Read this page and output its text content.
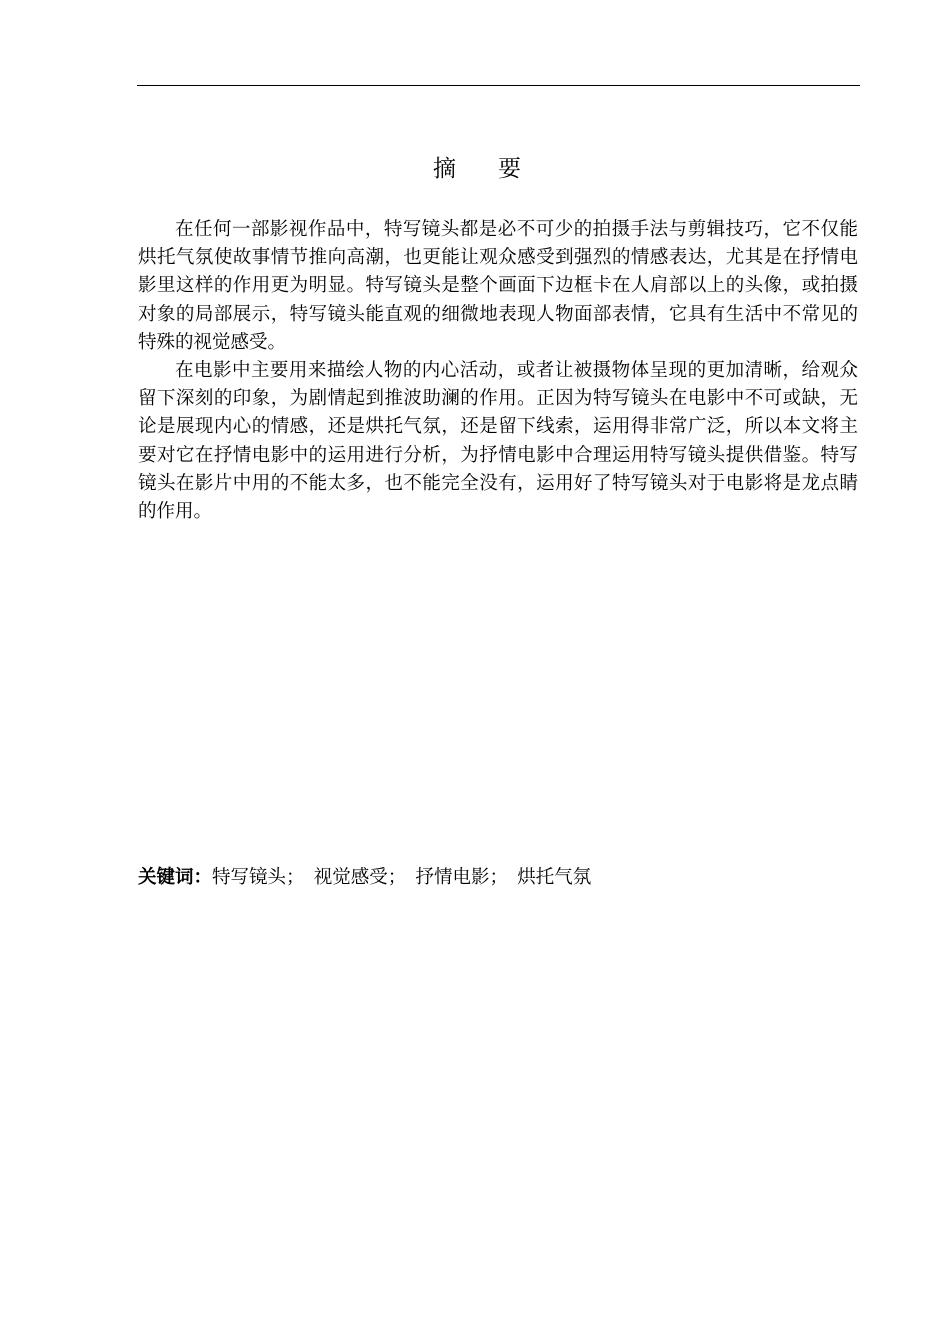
摘要

在任何一部影视作品中，特写镜头都是必不可少的拍摄手法与剪辑技巧，它不仅能烘托气氛使故事情节推向高潮，也更能让观众感受到强烈的情感表达，尤其是在抒情电影里这样的作用更为明显。特写镜头是整个画面下边框卡在人肩部以上的头像，或拍摄对象的局部展示，特写镜头能直观的细微地表现人物面部表情，它具有生活中不常见的特殊的视觉感受。

在电影中主要用来描绘人物的内心活动，或者让被摄物体呈现的更加清晰，给观众留下深刻的印象，为剧情起到推波助澜的作用。正因为特写镜头在电影中不可或缺，无论是展现内心的情感，还是烘托气氛，还是留下线索，运用得非常广泛，所以本文将主要对它在抒情电影中的运用进行分析，为抒情电影中合理运用特写镜头提供借鉴。特写镜头在影片中用的不能太多，也不能完全没有，运用好了特写镜头对于电影将是龙点睛的作用。

关键词：特写镜头；　视觉感受；　抒情电影；　烘托气氛
